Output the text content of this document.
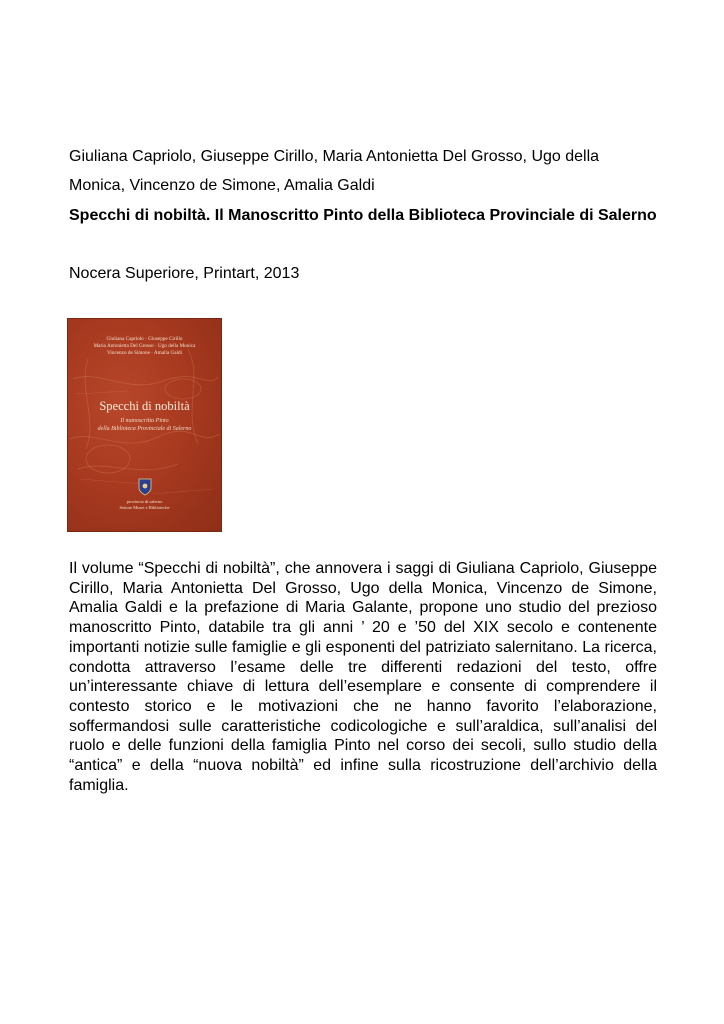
Giuliana Capriolo, Giuseppe Cirillo, Maria Antonietta Del Grosso, Ugo della Monica, Vincenzo de Simone, Amalia Galdi
Specchi di nobiltà. Il Manoscritto Pinto della Biblioteca Provinciale di Salerno
Nocera Superiore, Printart, 2013
Giuliana Capriolo · Giuseppe Cirillo
Maria Antonietta Del Grosso · Ugo della Monica
Vincenzo de Simone · Amalia Galdi
Specchi di nobiltà
Il manoscritto Pinto
della Biblioteca Provinciale di Salerno
provincia di salerno
Settore Musei e Biblioteche

Il volume “Specchi di nobiltà”, che annovera i saggi di Giuliana Capriolo, Giuseppe Cirillo, Maria Antonietta Del Grosso, Ugo della Monica, Vincenzo de Simone, Amalia Galdi e la prefazione di Maria Galante, propone uno studio del prezioso manoscritto Pinto, databile tra gli anni ’ 20 e ’50 del XIX secolo e contenente importanti notizie sulle famiglie e gli esponenti del patriziato salernitano. La ricerca, condotta attraverso l’esame delle tre differenti redazioni del testo, offre un’interessante chiave di lettura dell’esemplare e consente di comprendere il contesto storico e le motivazioni che ne hanno favorito l’elaborazione, soffermandosi sulle caratteristiche codicologiche e sull’araldica, sull’analisi del ruolo e delle funzioni della famiglia Pinto nel corso dei secoli, sullo studio della “antica” e della “nuova nobiltà” ed infine sulla ricostruzione dell’archivio della famiglia.
